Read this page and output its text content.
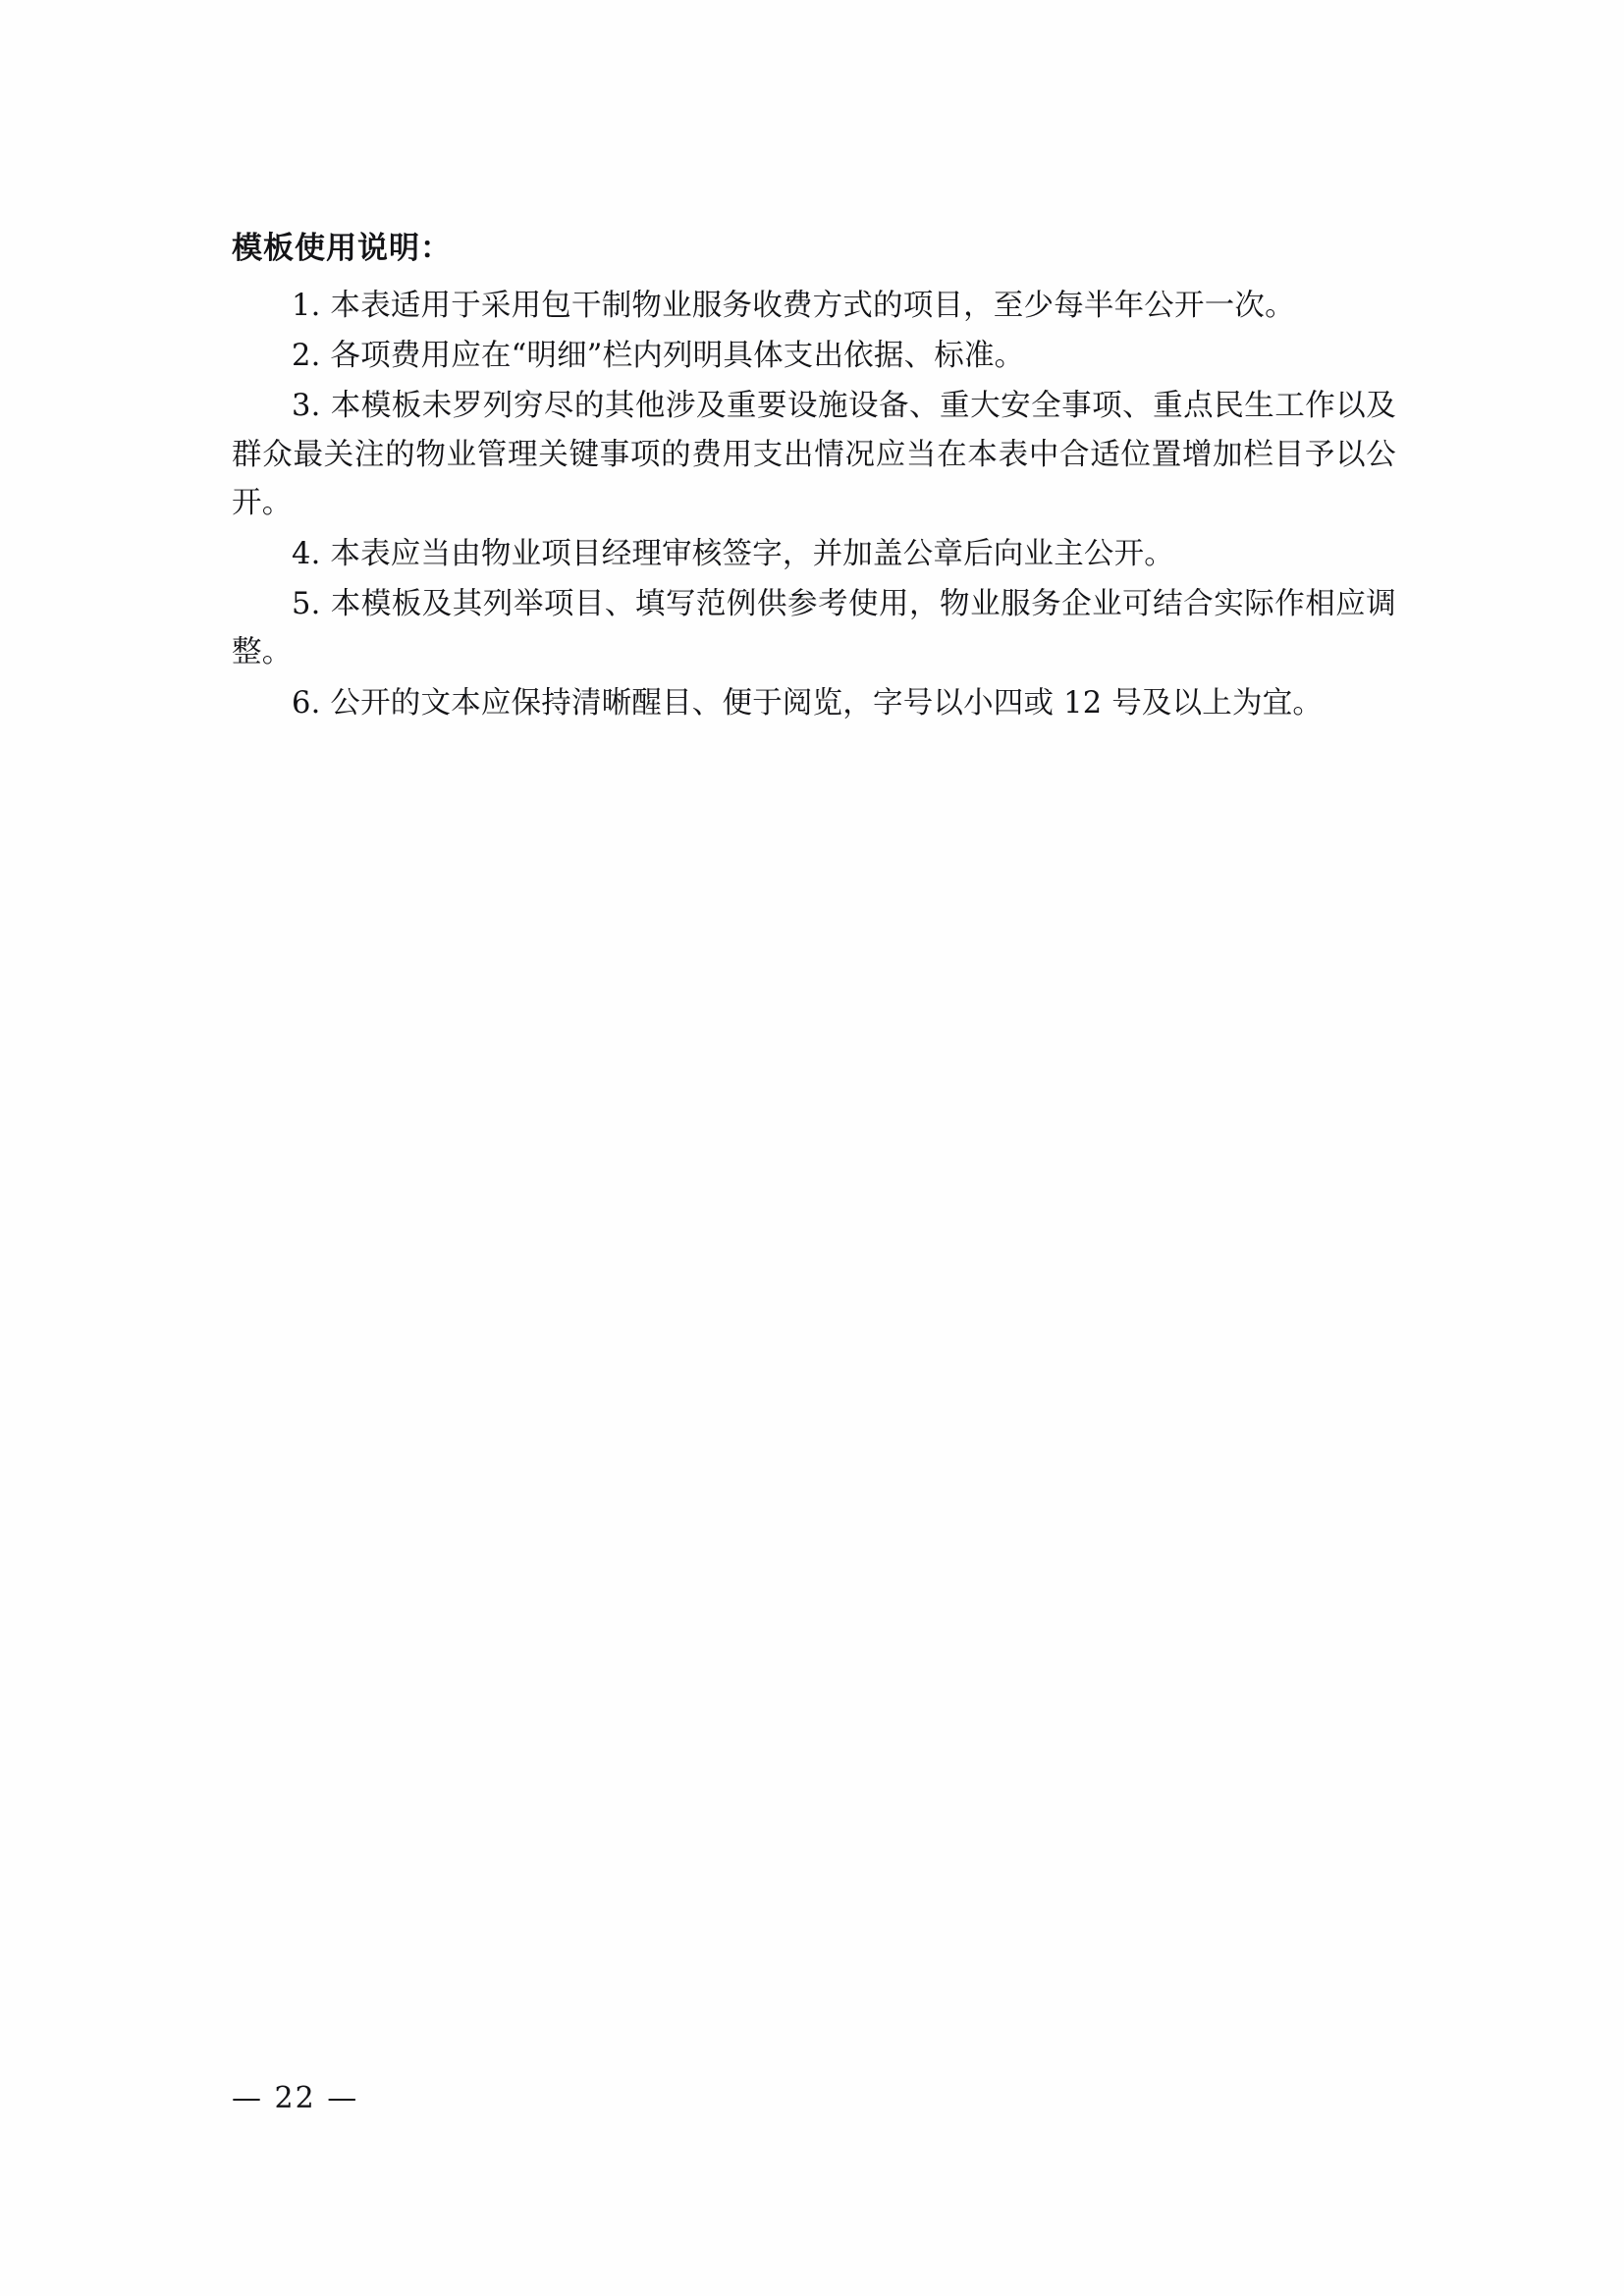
模板使用说明：

1. 本表适用于采用包干制物业服务收费方式的项目，至少每半年公开一次。

2. 各项费用应在“明细”栏内列明具体支出依据、标准。

3. 本模板未罗列穷尽的其他涉及重要设施设备、重大安全事项、重点民生工作以及群众最关注的物业管理关键事项的费用支出情况应当在本表中合适位置增加栏目予以公开。

4. 本表应当由物业项目经理审核签字，并加盖公章后向业主公开。

5. 本模板及其列举项目、填写范例供参考使用，物业服务企业可结合实际作相应调整。

6. 公开的文本应保持清晰醒目、便于阅览，字号以小四或 12 号及以上为宜。

— 22 —
